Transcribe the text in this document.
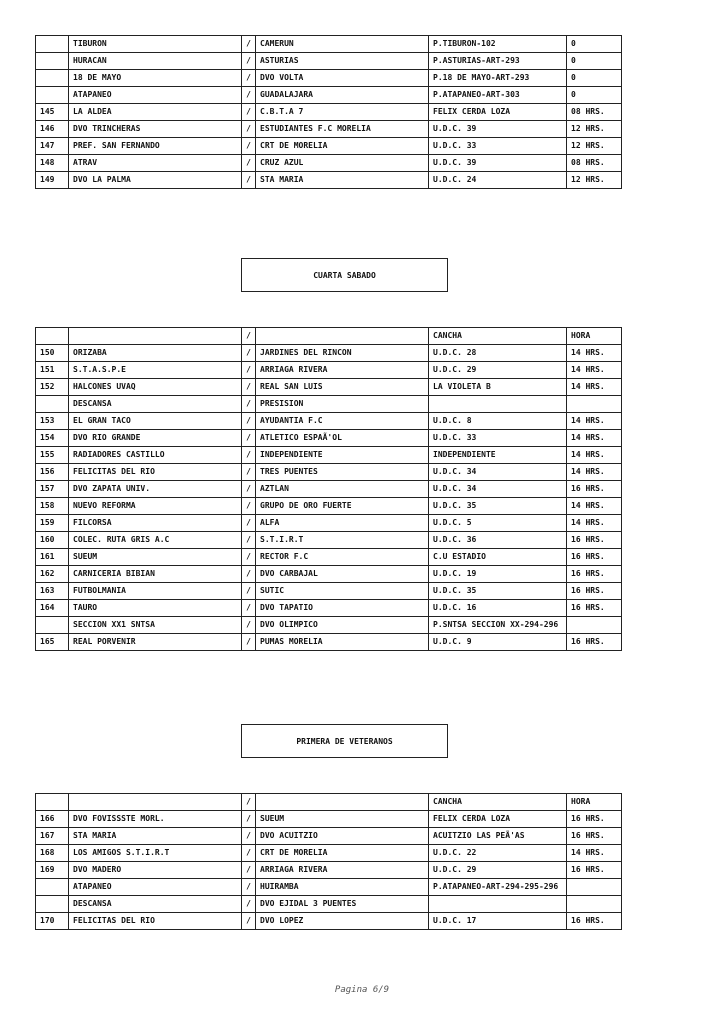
	TIBURON	/	CAMERUN	P.TIBURON-102	0
	HURACAN	/	ASTURIAS	P.ASTURIAS-ART-293	0
	18 DE MAYO	/	DVO VOLTA	P.18 DE MAYO-ART-293	0
	ATAPANEO	/	GUADALAJARA	P.ATAPANEO-ART-303	0
145	LA ALDEA	/	C.B.T.A 7	FELIX CERDA LOZA	08 HRS.
146	DVO TRINCHERAS	/	ESTUDIANTES F.C MORELIA	U.D.C. 39	12 HRS.
147	PREF. SAN FERNANDO	/	CRT DE MORELIA	U.D.C. 33	12 HRS.
148	ATRAV	/	CRUZ AZUL	U.D.C. 39	08 HRS.
149	DVO LA PALMA	/	STA MARIA	U.D.C. 24	12 HRS.
CUARTA SABADO
		/		CANCHA	HORA
150	ORIZABA	/	JARDINES DEL RINCON	U.D.C. 28	14 HRS.
151	S.T.A.S.P.E	/	ARRIAGA RIVERA	U.D.C. 29	14 HRS.
152	HALCONES UVAQ	/	REAL SAN LUIS	LA VIOLETA B	14 HRS.
	DESCANSA	/	PRESISION		
153	EL GRAN TACO	/	AYUDANTIA F.C	U.D.C. 8	14 HRS.
154	DVO RIO GRANDE	/	ATLETICO ESPAÃ'OL	U.D.C. 33	14 HRS.
155	RADIADORES CASTILLO	/	INDEPENDIENTE	INDEPENDIENTE	14 HRS.
156	FELICITAS DEL RIO	/	TRES PUENTES	U.D.C. 34	14 HRS.
157	DVO ZAPATA UNIV.	/	AZTLAN	U.D.C. 34	16 HRS.
158	NUEVO REFORMA	/	GRUPO DE ORO FUERTE	U.D.C. 35	14 HRS.
159	FILCORSA	/	ALFA	U.D.C. 5	14 HRS.
160	COLEC. RUTA GRIS A.C	/	S.T.I.R.T	U.D.C. 36	16 HRS.
161	SUEUM	/	RECTOR F.C	C.U ESTADIO	16 HRS.
162	CARNICERIA BIBIAN	/	DVO CARBAJAL	U.D.C. 19	16 HRS.
163	FUTBOLMANIA	/	SUTIC	U.D.C. 35	16 HRS.
164	TAURO	/	DVO TAPATIO	U.D.C. 16	16 HRS.
	SECCION XX1 SNTSA	/	DVO OLIMPICO	P.SNTSA SECCION XX-294-296	
165	REAL PORVENIR	/	PUMAS MORELIA	U.D.C. 9	16 HRS.
PRIMERA DE VETERANOS
		/		CANCHA	HORA
166	DVO FOVISSSTE MORL.	/	SUEUM	FELIX CERDA LOZA	16 HRS.
167	STA MARIA	/	DVO ACUITZIO	ACUITZIO LAS PEÃ'AS	16 HRS.
168	LOS AMIGOS S.T.I.R.T	/	CRT DE MORELIA	U.D.C. 22	14 HRS.
169	DVO MADERO	/	ARRIAGA RIVERA	U.D.C. 29	16 HRS.
	ATAPANEO	/	HUIRAMBA	P.ATAPANEO-ART-294-295-296	
	DESCANSA	/	DVO EJIDAL 3 PUENTES		
170	FELICITAS DEL RIO	/	DVO LOPEZ	U.D.C. 17	16 HRS.
Pagina 6/9
